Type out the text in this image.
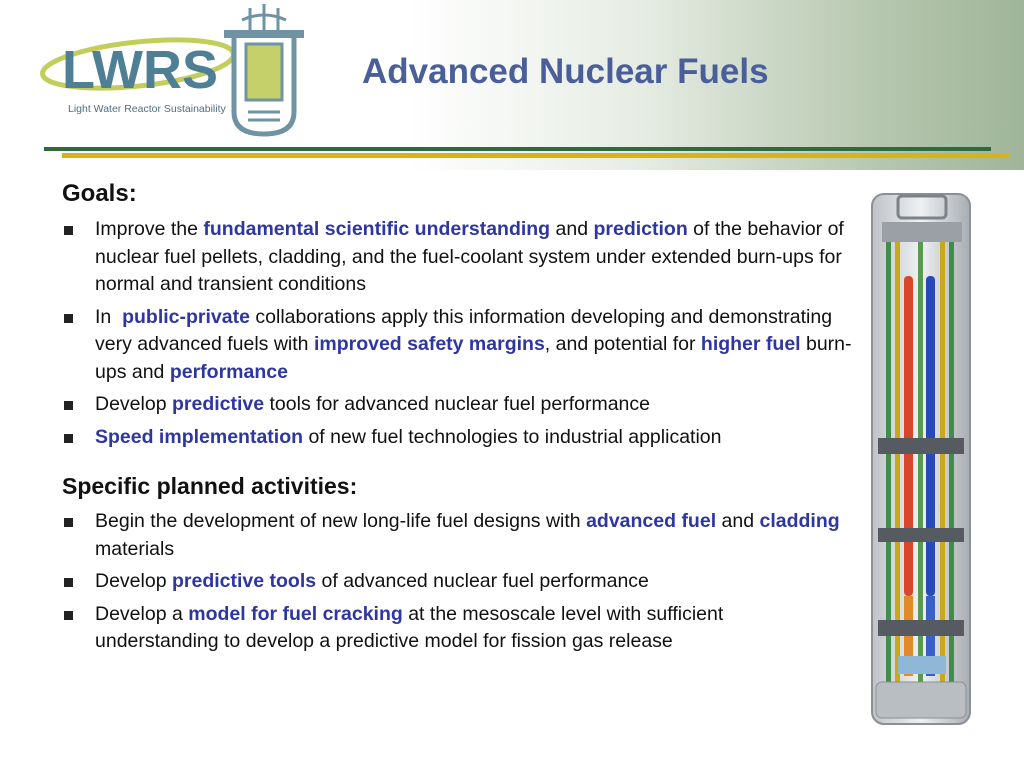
LWRS
Light Water Reactor Sustainability
Advanced Nuclear Fuels
Goals:
Improve the fundamental scientific understanding and prediction of the behavior of nuclear fuel pellets, cladding, and the fuel-coolant system under extended burn-ups for normal and transient conditions
In  public-private collaborations apply this information developing and demonstrating very advanced fuels with improved safety margins, and potential for higher fuel burn-ups and performance
Develop predictive tools for advanced nuclear fuel performance
Speed implementation of new fuel technologies to industrial application
Specific planned activities:
Begin the development of new long-life fuel designs with advanced fuel and cladding materials
Develop predictive tools of advanced nuclear fuel performance
Develop a model for fuel cracking at the mesoscale level with sufficient understanding to develop a predictive model for fission gas release
